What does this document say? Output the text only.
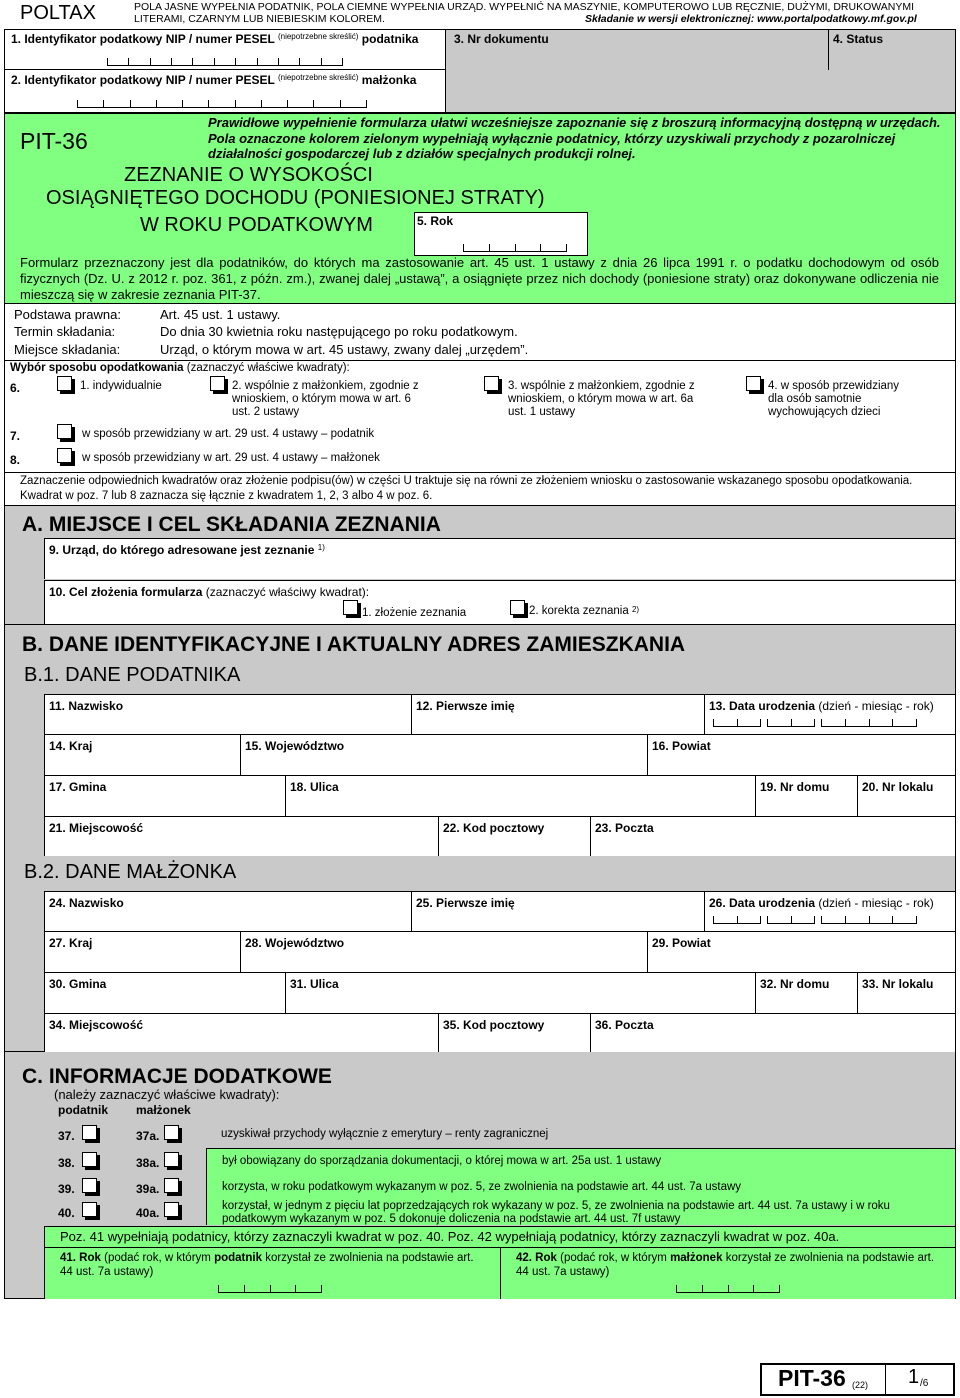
POLTAX	POLA JASNE WYPEŁNIA PODATNIK, POLA CIEMNE WYPEŁNIA URZĄD. WYPEŁNIĆ NA MASZYNIE, KOMPUTEROWO LUB RĘCZNIE, DUŻYMI, DRUKOWANYMI
LITERAMI, CZARNYM LUB NIEBIESKIM KOLOREM.	Składanie w wersji elektronicznej: www.portalpodatkowy.mf.gov.pl
1. Identyfikator podatkowy NIP / numer PESEL $^{(niepotrzebne skreślić)}$ podatnika
2. Identyfikator podatkowy NIP / numer PESEL $^{(niepotrzebne skreślić)}$ małżonka
3. Nr dokumentu	4. Status
PIT-36
Prawidłowe wypełnienie formularza ułatwi wcześniejsze zapoznanie się z broszurą informacyjną dostępną w urzędach. Pola oznaczone kolorem zielonym wypełniają wyłącznie podatnicy, którzy uzyskiwali przychody z pozarolniczej działalności gospodarczej lub z działów specjalnych produkcji rolnej.
ZEZNANIE O WYSOKOŚCI
OSIĄGNIĘTEGO DOCHODU (PONIESIONEJ STRATY)
W ROKU PODATKOWYM	5. Rok
Formularz przeznaczony jest dla podatników, do których ma zastosowanie art. 45 ust. 1 ustawy z dnia 26 lipca 1991 r. o podatku dochodowym od osób fizycznych (Dz. U. z 2012 r. poz. 361, z późn. zm.), zwanej dalej „ustawą”, a osiągnięte przez nich dochody (poniesione straty) oraz dokonywane odliczenia nie mieszczą się w zakresie zeznania PIT-37.
Podstawa prawna:	Art. 45 ust. 1 ustawy.
Termin składania:	Do dnia 30 kwietnia roku następującego po roku podatkowym.
Miejsce składania:	Urząd, o którym mowa w art. 45 ustawy, zwany dalej „urzędem”.
Wybór sposobu opodatkowania (zaznaczyć właściwe kwadraty):
6.	1. indywidualnie	2. wspólnie z małżonkiem, zgodnie z wnioskiem, o którym mowa w art. 6 ust. 2 ustawy
3. wspólnie z małżonkiem, zgodnie z wnioskiem, o którym mowa w art. 6a ust. 1 ustawy
4. w sposób przewidziany dla osób samotnie wychowujących dzieci
7.	w sposób przewidziany w art. 29 ust. 4 ustawy – podatnik
8.	w sposób przewidziany w art. 29 ust. 4 ustawy – małżonek
Zaznaczenie odpowiednich kwadratów oraz złożenie podpisu(ów) w części U traktuje się na równi ze złożeniem wniosku o zastosowanie wskazanego sposobu opodatkowania. Kwadrat w poz. 7 lub 8 zaznacza się łącznie z kwadratem 1, 2, 3 albo 4 w poz. 6.
A. MIEJSCE I CEL SKŁADANIA ZEZNANIA
9. Urząd, do którego adresowane jest zeznanie $^{1)}$
10. Cel złożenia formularza (zaznaczyć właściwy kwadrat):
1. złożenie zeznania	2. korekta zeznania $^{2)}$
B. DANE IDENTYFIKACYJNE I AKTUALNY ADRES ZAMIESZKANIA
B.1. DANE PODATNIKA
11. Nazwisko	12. Pierwsze imię	13. Data urodzenia (dzień - miesiąc - rok)
14. Kraj	15. Województwo	16. Powiat
17. Gmina	18. Ulica	19. Nr domu	20. Nr lokalu
21. Miejscowość	22. Kod pocztowy	23. Poczta
B.2. DANE MAŁŻONKA
24. Nazwisko	25. Pierwsze imię	26. Data urodzenia (dzień - miesiąc - rok)
27. Kraj	28. Województwo	29. Powiat
30. Gmina	31. Ulica	32. Nr domu	33. Nr lokalu
34. Miejscowość	35. Kod pocztowy	36. Poczta
C. INFORMACJE DODATKOWE
(należy zaznaczyć właściwe kwadraty):
podatnik małżonek
37.	37a.	uzyskiwał przychody wyłącznie z emerytury – renty zagranicznej
38.	38a.	był obowiązany do sporządzania dokumentacji, o której mowa w art. 25a ust. 1 ustawy
39.	39a.	korzysta, w roku podatkowym wykazanym w poz. 5, ze zwolnienia na podstawie art. 44 ust. 7a ustawy
40.	40a.	korzystał, w jednym z pięciu lat poprzedzających rok wykazany w poz. 5, ze zwolnienia na podstawie art. 44 ust. 7a ustawy i w roku podatkowym wykazanym w poz. 5 dokonuje doliczenia na podstawie art. 44 ust. 7f ustawy
Poz. 41 wypełniają podatnicy, którzy zaznaczyli kwadrat w poz. 40. Poz. 42 wypełniają podatnicy, którzy zaznaczyli kwadrat w poz. 40a.
41. Rok (podać rok, w którym podatnik korzystał ze zwolnienia na podstawie art. 44 ust. 7a ustawy)
42. Rok (podać rok, w którym małżonek korzystał ze zwolnienia na podstawie art. 44 ust. 7a ustawy)
PIT-36 (22) 1 /6
